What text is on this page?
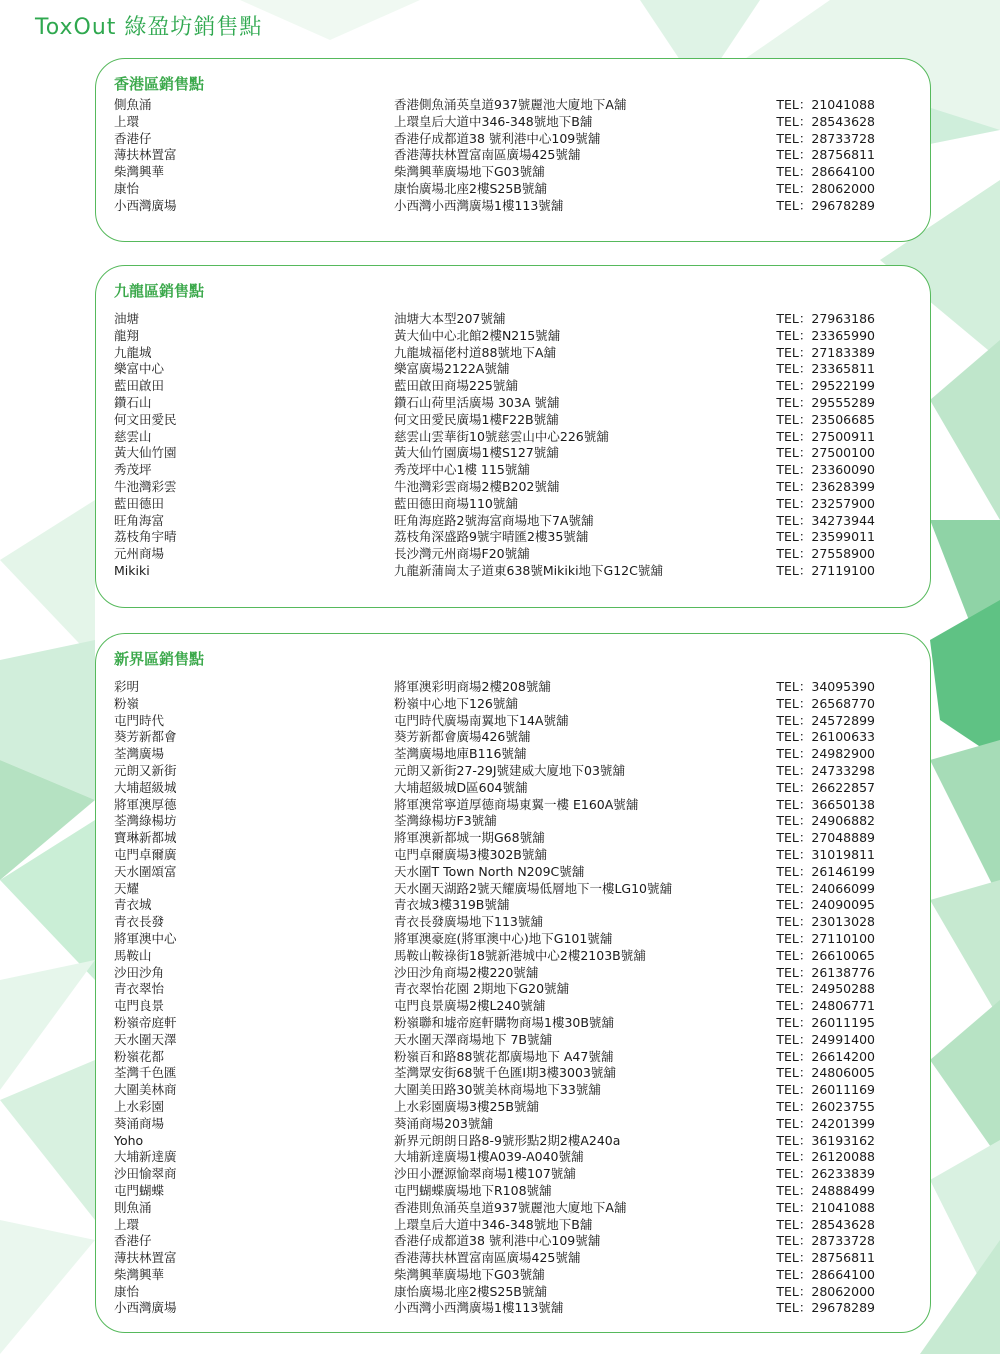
ToxOut 綠盈坊銷售點
香港區銷售點
側魚涌	香港側魚涌英皇道937號麗池大廈地下A舖	TEL：21041088
上環	上環皇后大道中346-348號地下B舖	TEL：28543628
香港仔	香港仔成都道38 號利港中心109號舖	TEL：28733728
薄扶林置富	香港薄扶林置富南區廣場425號舖	TEL：28756811
柴灣興華	柴灣興華廣場地下G03號舖	TEL：28664100
康怡	康怡廣場北座2樓S25B號舖	TEL：28062000
小西灣廣場	小西灣小西灣廣場1樓113號舖	TEL：29678289
九龍區銷售點
油塘	油塘大本型207號舖	TEL：27963186
龍翔	黃大仙中心北館2樓N215號舖	TEL：23365990
九龍城	九龍城福佬村道88號地下A舖	TEL：27183389
樂富中心	樂富廣場2122A號舖	TEL：23365811
藍田啟田	藍田啟田商場225號舖	TEL：29522199
鑽石山	鑽石山荷里活廣場 303A 號舖	TEL：29555289
何文田愛民	何文田愛民廣場1樓F22B號舖	TEL：23506685
慈雲山	慈雲山雲華街10號慈雲山中心226號舖	TEL：27500911
黃大仙竹園	黃大仙竹園廣場1樓S127號舖	TEL：27500100
秀茂坪	秀茂坪中心1樓 115號舖	TEL：23360090
牛池灣彩雲	牛池灣彩雲商場2樓B202號舖	TEL：23628399
藍田德田	藍田德田商場110號舖	TEL：23257900
旺角海富	旺角海庭路2號海富商場地下7A號舖	TEL：34273944
荔枝角宇晴	荔枝角深盛路9號宇晴匯2樓35號舖	TEL：23599011
元州商場	長沙灣元州商場F20號舖	TEL：27558900
Mikiki	九龍新蒲崗太子道東638號Mikiki地下G12C號舖	TEL：27119100
新界區銷售點
彩明	將軍澳彩明商場2樓208號舖	TEL：34095390
粉嶺	粉嶺中心地下126號舖	TEL：26568770
屯門時代	屯門時代廣場南翼地下14A號舖	TEL：24572899
葵芳新都會	葵芳新都會廣場426號舖	TEL：26100633
荃灣廣場	荃灣廣場地庫B116號舖	TEL：24982900
元朗又新街	元朗又新街27-29J號建威大廈地下03號舖	TEL：24733298
大埔超級城	大埔超級城D區604號舖	TEL：26622857
將軍澳厚德	將軍澳常寧道厚德商場東翼一樓 E160A號舖	TEL：36650138
荃灣綠楊坊	荃灣綠楊坊F3號舖	TEL：24906882
寶琳新都城	將軍澳新都城一期G68號舖	TEL：27048889
屯門卓爾廣	屯門卓爾廣場3樓302B號舖	TEL：31019811
天水圍頌富	天水圍T Town North N209C號舖	TEL：26146199
天耀	天水圍天湖路2號天耀廣場低層地下一樓LG10號舖	TEL：24066099
青衣城	青衣城3樓319B號舖	TEL：24090095
青衣長發	青衣長發廣場地下113號舖	TEL：23013028
將軍澳中心	將軍澳豪庭(將軍澳中心)地下G101號舖	TEL：27110100
馬鞍山	馬鞍山鞍祿街18號新港城中心2樓2103B號舖	TEL：26610065
沙田沙角	沙田沙角商場2樓220號舖	TEL：26138776
青衣翠怡	青衣翠怡花園 2期地下G20號舖	TEL：24950288
屯門良景	屯門良景廣場2樓L240號舖	TEL：24806771
粉嶺帝庭軒	粉嶺聯和墟帝庭軒購物商場1樓30B號舖	TEL：26011195
天水圍天澤	天水圍天澤商場地下 7B號舖	TEL：24991400
粉嶺花都	粉嶺百和路88號花都廣場地下 A47號舖	TEL：26614200
荃灣千色匯	荃灣眾安街68號千色匯I期3樓3003號舖	TEL：24806005
大圍美林商	大圍美田路30號美林商場地下33號舖	TEL：26011169
上水彩園	上水彩園廣場3樓25B號舖	TEL：26023755
葵涌商場	葵涌商場203號舖	TEL：24201399
Yoho	新界元朗朗日路8-9號形點2期2樓A240a	TEL：36193162
大埔新達廣	大埔新達廣場1樓A039-A040號舖	TEL：26120088
沙田愉翠商	沙田小瀝源愉翠商場1樓107號舖	TEL：26233839
屯門蝴蝶	屯門蝴蝶廣場地下R108號舖	TEL：24888499
則魚涌	香港則魚涌英皇道937號麗池大廈地下A舖	TEL：21041088
上環	上環皇后大道中346-348號地下B舖	TEL：28543628
香港仔	香港仔成都道38 號利港中心109號舖	TEL：28733728
薄扶林置富	香港薄扶林置富南區廣場425號舖	TEL：28756811
柴灣興華	柴灣興華廣場地下G03號舖	TEL：28664100
康怡	康怡廣場北座2樓S25B號舖	TEL：28062000
小西灣廣場	小西灣小西灣廣場1樓113號舖	TEL：29678289
